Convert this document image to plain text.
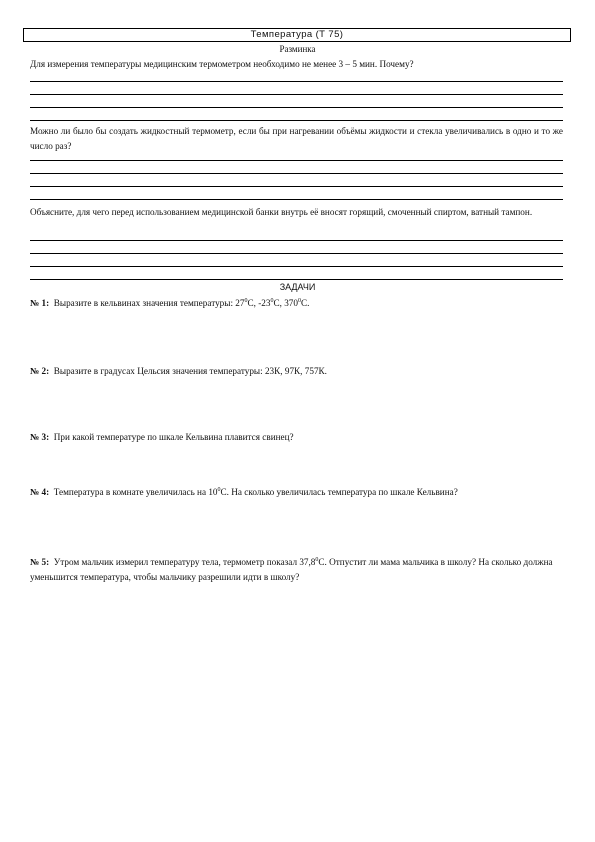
Температура (Т 75)
Разминка
Для измерения температуры медицинским термометром необходимо не менее 3 – 5 мин. Почему?
Можно ли было бы создать жидкостный термометр, если бы при нагревании объёмы жидкости и стекла увеличивались в одно и то же число раз?
Объясните, для чего перед использованием медицинской банки внутрь её вносят горящий, смоченный спиртом, ватный тампон.
ЗАДАЧИ
№ 1: Выразите в кельвинах значения температуры: $27^0С$, $-23^0С$, $370^0С$.
№ 2: Выразите в градусах Цельсия значения температуры: 23К, 97К, 757К.
№ 3: При какой температуре по шкале Кельвина плавится свинец?
№ 4: Температура в комнате увеличилась на $10^0С$. На сколько увеличилась температура по шкале Кельвина?
№ 5: Утром мальчик измерил температуру тела, термометр показал 37,8$^0$С. Отпустит ли мама мальчика в школу? На сколько должна уменьшится температура, чтобы мальчику разрешили идти в школу?
